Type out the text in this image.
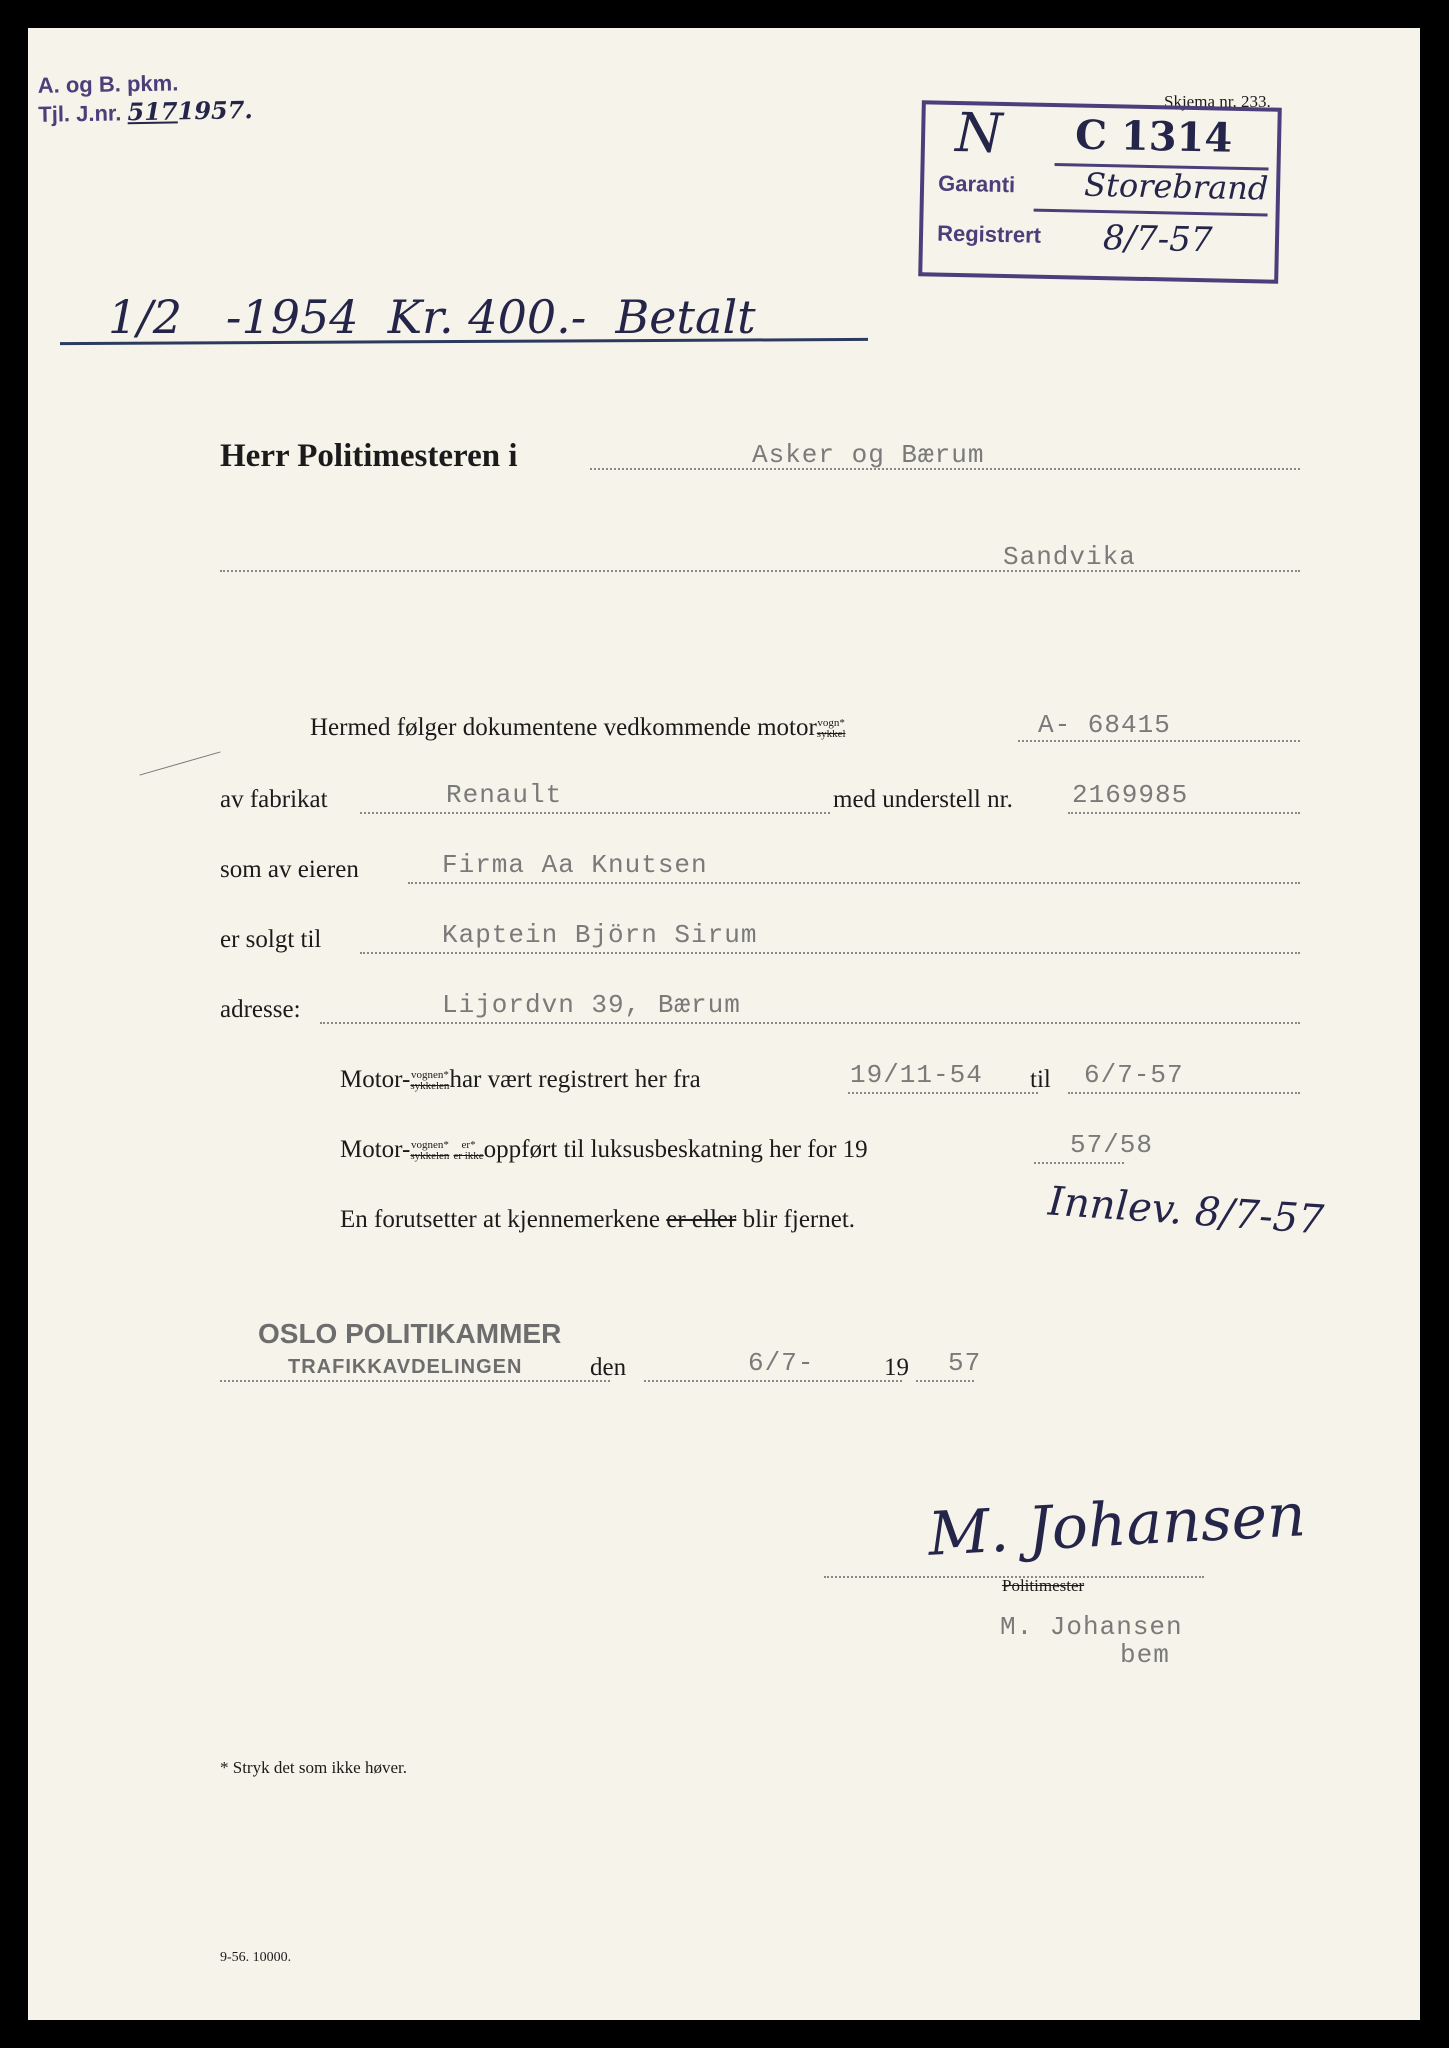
A. og B. pkm.
Tjl. J.nr. 5171957.	Skjema nr. 233.
N C 1314
Garanti Storebrand
Registrert 8/7-57
1/2   -1954  Kr. 400.-  Betalt
Herr Politimesteren i	Asker og Bærum
Sandvika
Hermed følger dokumentene vedkommende motor vogn*
sykkel	A- 68415
av fabrikat	Renault	med understell nr. 2169985
som av eieren	Firma Aa Knutsen
er solgt til	Kaptein Björn Sirum
adresse:	Lijordvn 39, Bærum
Motor- vognen*
sykkelen har vært registrert her fra	19/11-54 til 6/7-57
Motor- vognen*
sykkelen
er*
er ikke oppført til luksusbeskatning her for 19	57/58
En forutsetter at kjennemerkene er eller blir fjernet.	Innlev. 8/7-57
OSLO POLITIKAMMER
TRAFIKKAVDELINGEN	den	6/7-	19 57
M. Johansen
Politimester
M. Johansen
bem
* Stryk det som ikke høver.
9-56. 10000.
